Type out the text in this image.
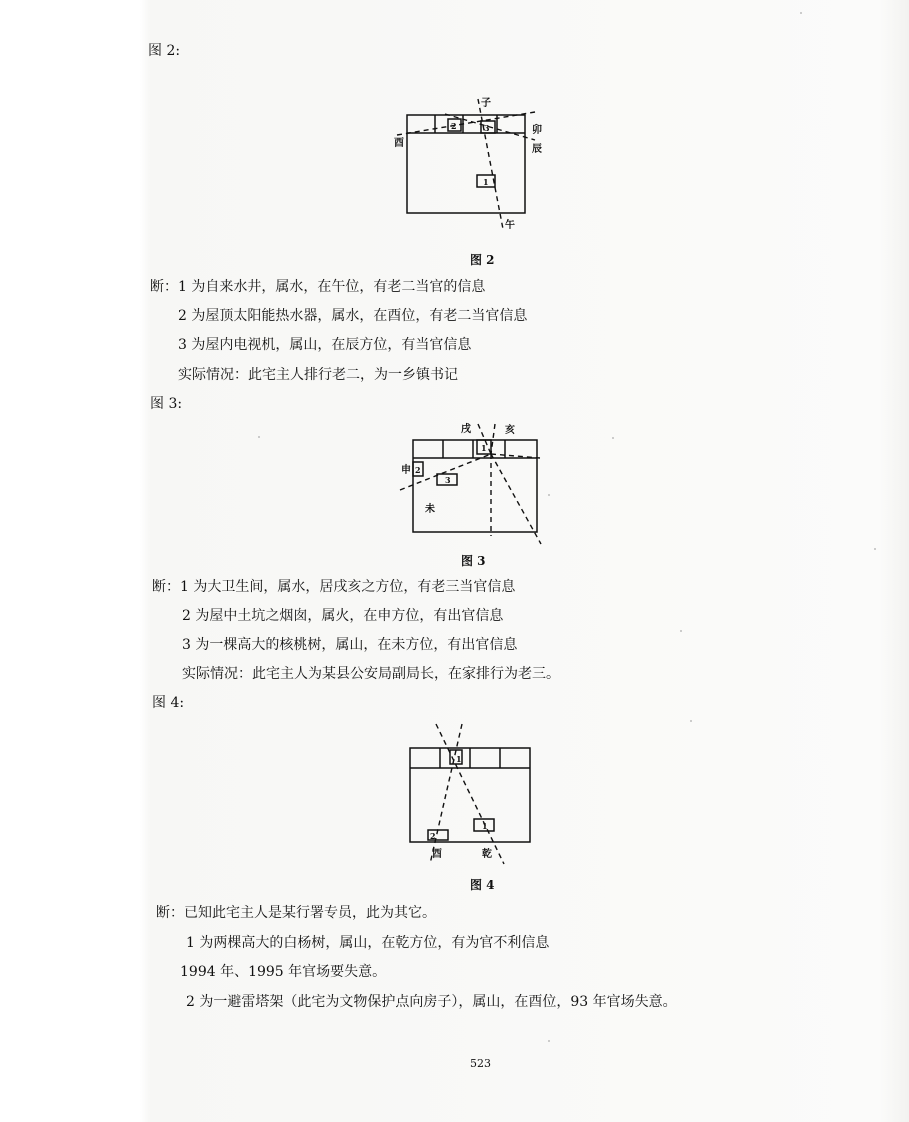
图 2:
子
午
酉
卯
辰
2	3
1
图 2
断：1 为自来水井，属水，在午位，有老二当官的信息
2 为屋顶太阳能热水器，属水，在酉位，有老二当官信息
3 为屋内电视机，属山，在辰方位，有当官信息
实际情况：此宅主人排行老二，为一乡镇书记
图 3:
戌	亥
申
未
1
2
3
图 3
断：1 为大卫生间，属水，居戌亥之方位，有老三当官信息
2 为屋中土坑之烟囱，属火，在申方位，有出官信息
3 为一棵高大的核桃树，属山，在未方位，有出官信息
实际情况：此宅主人为某县公安局副局长，在家排行为老三。
图 4:
1
1
2
酉	乾
图 4
断：已知此宅主人是某行署专员，此为其它。
1 为两棵高大的白杨树，属山，在乾方位，有为官不利信息
1994 年、1995 年官场要失意。
2 为一避雷塔架（此宅为文物保护点向房子），属山，在酉位，93 年官场失意。
523
